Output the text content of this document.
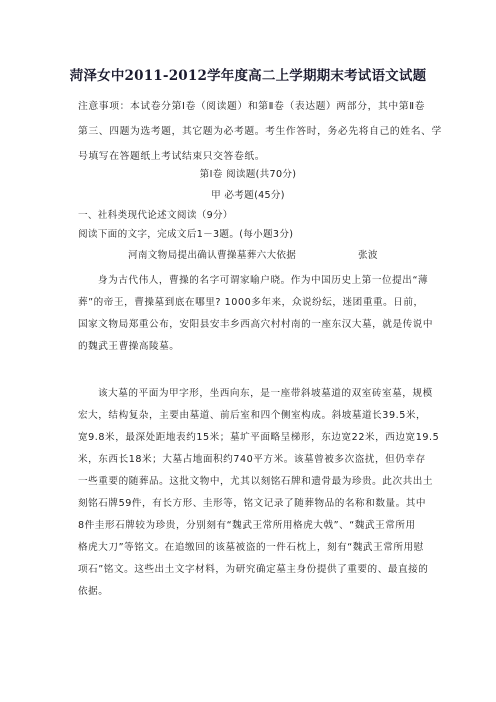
菏泽女中2011-2012学年度高二上学期期末考试语文试题
注意事项：本试卷分第Ⅰ卷（阅读题）和第Ⅱ卷（表达题）两部分，其中第Ⅱ卷
第三、四题为选考题，其它题为必考题。考生作答时，务必先将自己的姓名、学
号填写在答题纸上考试结束只交答卷纸。
第Ⅰ卷 阅读题(共70分)
甲 必考题(45分)
一、社科类现代论述文阅读（9分）
阅读下面的文字，完成文后1－3题。(每小题3分)
河南文物局提出确认曹操墓葬六大依据	张波
身为古代伟人，曹操的名字可谓家喻户晓。作为中国历史上第一位提出“薄
葬”的帝王，曹操墓到底在哪里? 1000多年来，众说纷纭，迷团重重。日前，
国家文物局郑重公布，安阳县安丰乡西高穴村村南的一座东汉大墓，就是传说中
的魏武王曹操高陵墓。
该大墓的平面为甲字形，坐西向东，是一座带斜坡墓道的双室砖室墓，规模
宏大，结构复杂，主要由墓道、前后室和四个侧室构成。斜坡墓道长39.5米，
宽9.8米，最深处距地表约15米；墓圹平面略呈梯形，东边宽22米，西边宽19.5
米，东西长18米；大墓占地面积约740平方米。该墓曾被多次盗扰，但仍幸存
一些重要的随葬品。这批文物中，尤其以刻铭石牌和遗骨最为珍贵。此次共出土
刻铭石牌59件，有长方形、圭形等，铭文记录了随葬物品的名称和数量。其中
8件圭形石牌较为珍贵，分别刻有“魏武王常所用格虎大戟”、“魏武王常所用
格虎大刀”等铭文。在追缴回的该墓被盗的一件石枕上，刻有“魏武王常所用慰
项石”铭文。这些出土文字材料，为研究确定墓主身份提供了重要的、最直接的
依据。
